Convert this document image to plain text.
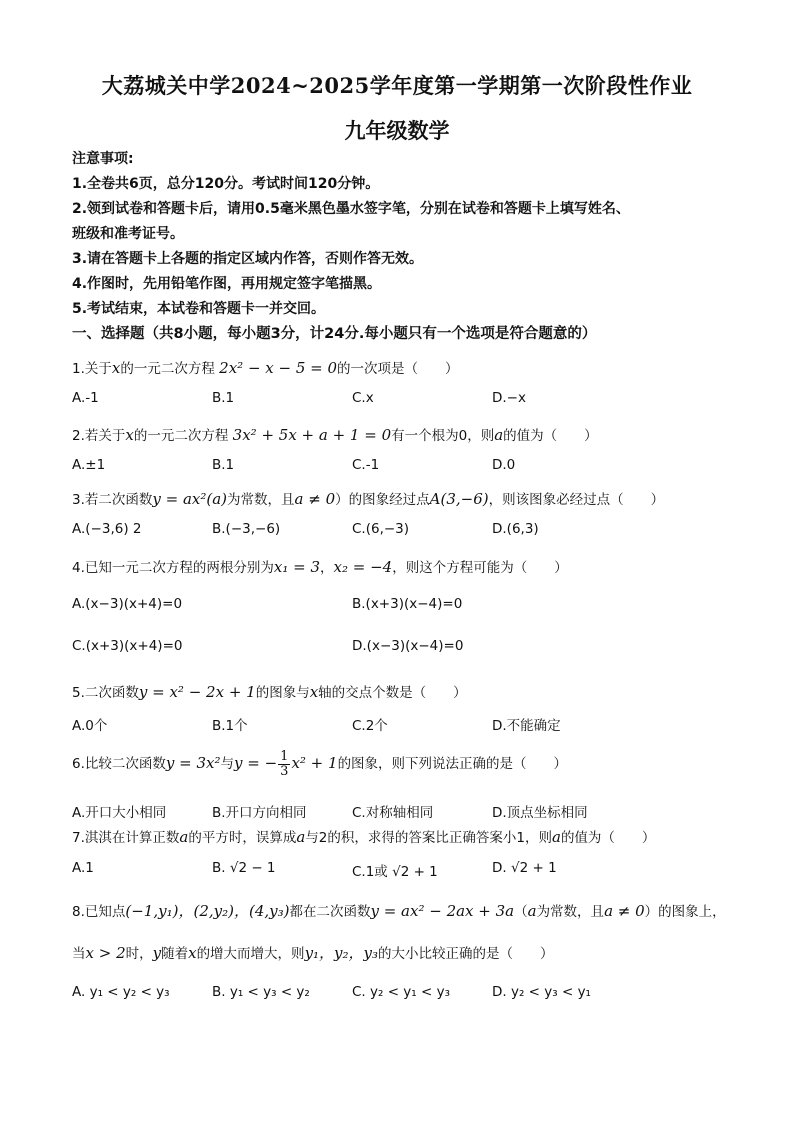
大荔城关中学2024~2025学年度第一学期第一次阶段性作业
九年级数学
注意事项:
1.全卷共6页，总分120分。考试时间120分钟。
2.领到试卷和答题卡后，请用0.5毫米黑色墨水签字笔，分别在试卷和答题卡上填写姓名、
班级和准考证号。
3.请在答题卡上各题的指定区域内作答，否则作答无效。
4.作图时，先用铅笔作图，再用规定签字笔描黑。
5.考试结束，本试卷和答题卡一并交回。
一、选择题（共8小题，每小题3分，计24分.每小题只有一个选项是符合题意的）
1.关于x的一元二次方程 2x² − x − 5 = 0的一次项是（　　）
A.-1	B.1	C.x	D.−x
2.若关于x的一元二次方程 3x² + 5x + a + 1 = 0有一个根为0，则a的值为（　　）
A.±1	B.1	C.-1	D.0
3.若二次函数y = ax²(a)为常数，且a ≠ 0）的图象经过点A(3,−6)，则该图象必经过点（　　）
A.(−3,6) 2	B.(−3,−6)	C.(6,−3)	D.(6,3)
4.已知一元二次方程的两根分别为x₁ = 3，x₂ = −4，则这个方程可能为（　　）
A.(x−3)(x+4)=0	B.(x+3)(x−4)=0
C.(x+3)(x+4)=0	D.(x−3)(x−4)=0
5.二次函数y = x² − 2x + 1的图象与x轴的交点个数是（　　）
A.0个	B.1个	C.2个	D.不能确定
6.比较二次函数y = 3x²与y = − $\frac{1}{3} x^2 + 1$的图象，则下列说法正确的是（　　）
A.开口大小相同	B.开口方向相同	C.对称轴相同	D.顶点坐标相同
7.淇淇在计算正数a的平方时，误算成a与2的积，求得的答案比正确答案小1，则a的值为（　　）
A.1	B. √2 − 1	C.1或 √2 + 1	D. √2 + 1
8.已知点(−1,y₁)，(2,y₂)，(4,y₃)都在二次函数y = ax² − 2ax + 3a（a为常数，且a ≠ 0）的图象上，
当x > 2时，y随着x的增大而增大，则y₁，y₂，y₃的大小比较正确的是（　　）
A. y₁ < y₂ < y₃	B. y₁ < y₃ < y₂	C. y₂ < y₁ < y₃	D. y₂ < y₃ < y₁
